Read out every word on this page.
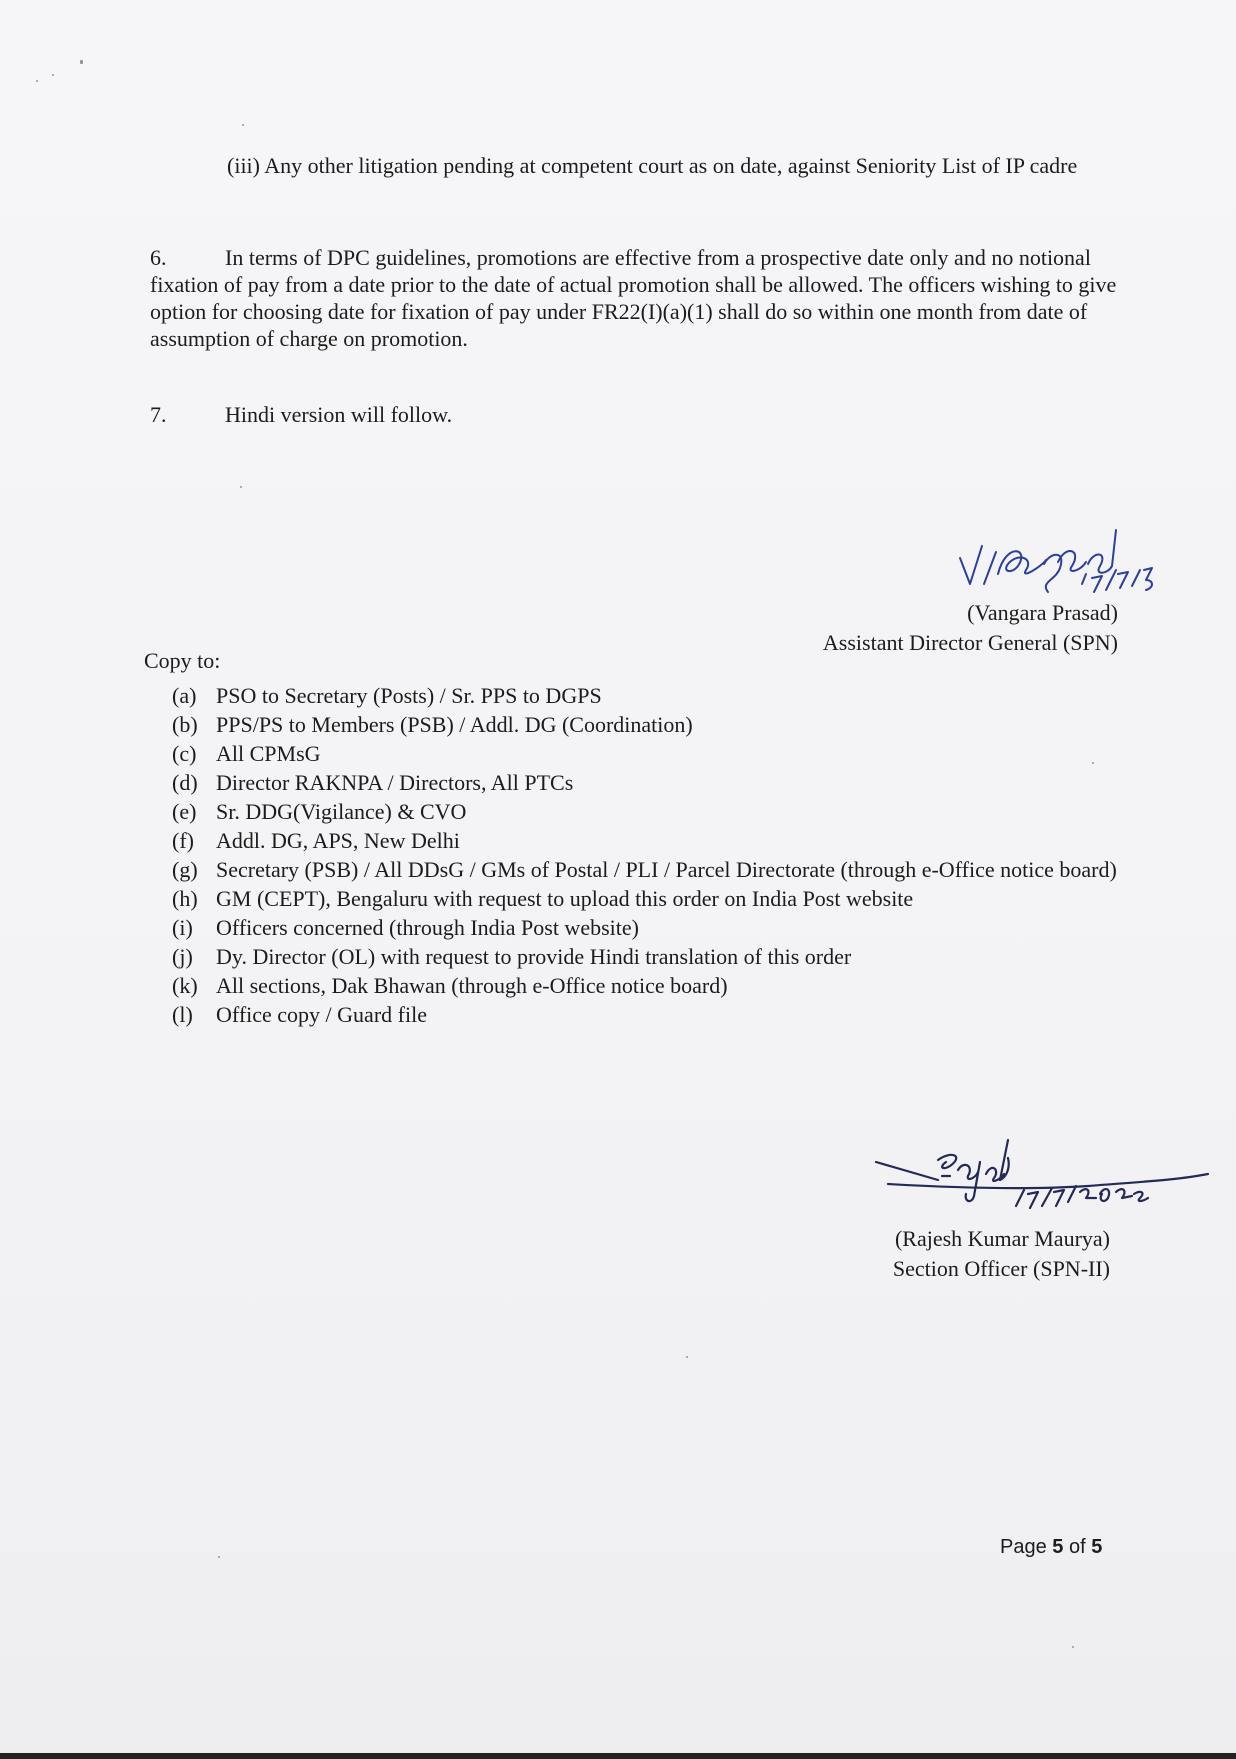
(iii) Any other litigation pending at competent court as on date, against Seniority List of IP cadre
6.	In terms of DPC guidelines, promotions are effective from a prospective date only and no notional fixation of pay from a date prior to the date of actual promotion shall be allowed. The officers wishing to give option for choosing date for fixation of pay under FR22(I)(a)(1) shall do so within one month from date of assumption of charge on promotion.
7.	Hindi version will follow.
(Vangara Prasad)
Assistant Director General (SPN)
Copy to:
(a) PSO to Secretary (Posts) / Sr. PPS to DGPS
(b) PPS/PS to Members (PSB) / Addl. DG (Coordination)
(c) All CPMsG
(d) Director RAKNPA / Directors, All PTCs
(e) Sr. DDG(Vigilance) & CVO
(f)	Addl. DG, APS, New Delhi
(g) Secretary (PSB) / All DDsG / GMs of Postal / PLI / Parcel Directorate (through e-Office notice board)
(h) GM (CEPT), Bengaluru with request to upload this order on India Post website
(i)	Officers concerned (through India Post website)
(j)	Dy. Director (OL) with request to provide Hindi translation of this order
(k) All sections, Dak Bhawan (through e-Office notice board)
(l)	Office copy / Guard file
(Rajesh Kumar Maurya)
Section Officer (SPN-II)
Page 5 of 5
